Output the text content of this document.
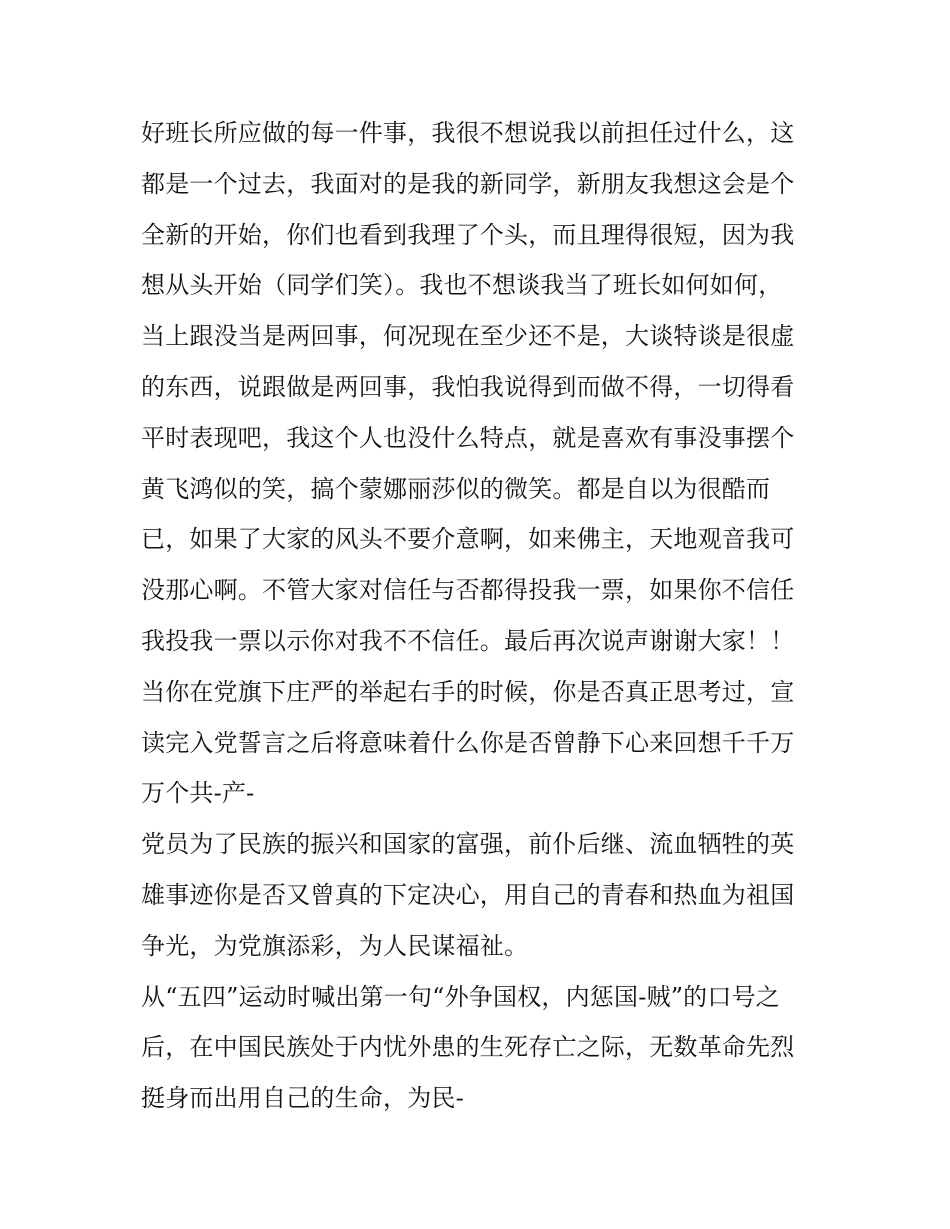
好班长所应做的每一件事，我很不想说我以前担任过什么，这
都是一个过去，我面对的是我的新同学，新朋友我想这会是个
全新的开始，你们也看到我理了个头，而且理得很短，因为我
想从头开始（同学们笑）。我也不想谈我当了班长如何如何，
当上跟没当是两回事，何况现在至少还不是，大谈特谈是很虚
的东西，说跟做是两回事，我怕我说得到而做不得，一切得看
平时表现吧，我这个人也没什么特点，就是喜欢有事没事摆个
黄飞鸿似的笑，搞个蒙娜丽莎似的微笑。都是自以为很酷而
已，如果了大家的风头不要介意啊，如来佛主，天地观音我可
没那心啊。不管大家对信任与否都得投我一票，如果你不信任
我投我一票以示你对我不不信任。最后再次说声谢谢大家！！
当你在党旗下庄严的举起右手的时候，你是否真正思考过，宣
读完入党誓言之后将意味着什么你是否曾静下心来回想千千万
万个共-产-
党员为了民族的振兴和国家的富强，前仆后继、流血牺牲的英
雄事迹你是否又曾真的下定决心，用自己的青春和热血为祖国
争光，为党旗添彩，为人民谋福祉。
从“五四”运动时喊出第一句“外争国权，内惩国-贼”的口号之
后，在中国民族处于内忧外患的生死存亡之际，无数革命先烈
挺身而出用自己的生命，为民-
